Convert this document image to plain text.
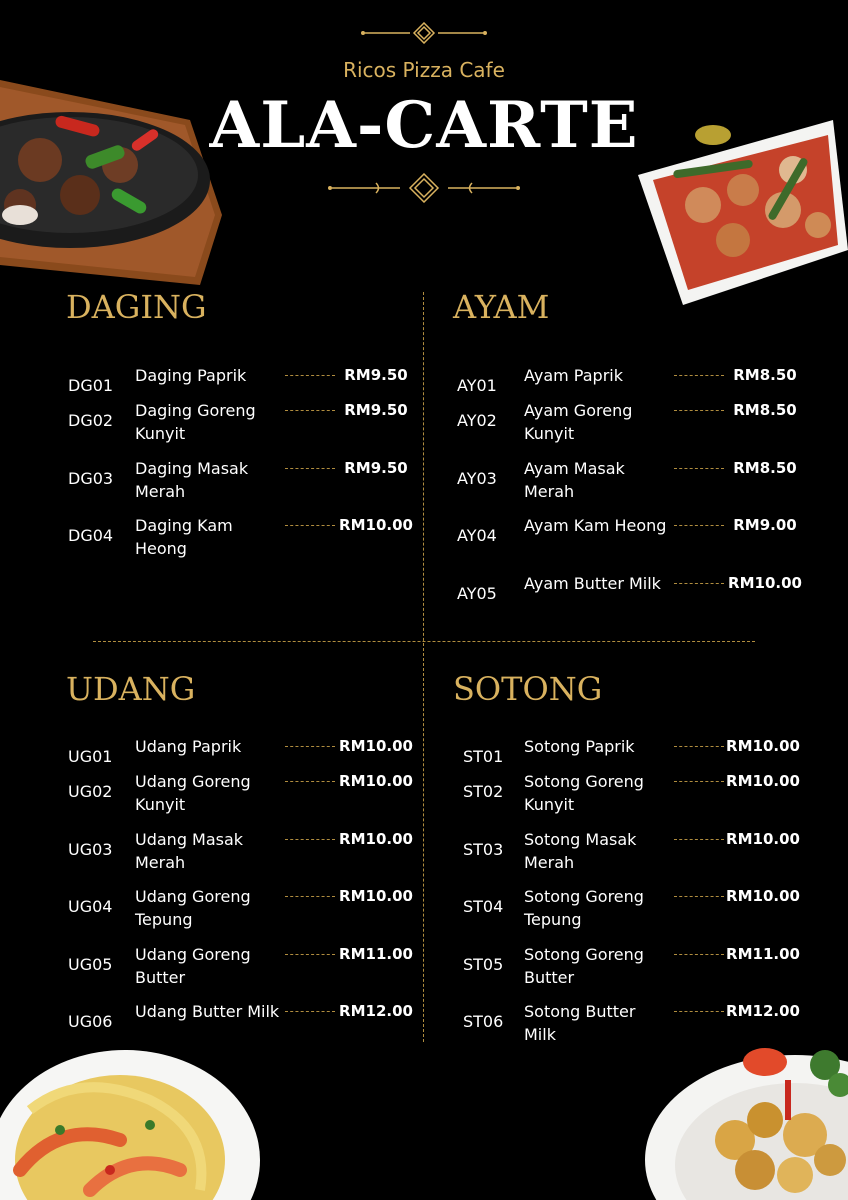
Ricos Pizza Cafe
ALA-CARTE
DAGING	AYAM
UDANG	SOTONG
DG01
Daging Paprik	RM9.50
DG02
Daging Goreng Kunyit
RM9.50
DG03
Daging Masak Merah
RM9.50
DG04
Daging Kam Heong
RM10.00
AY01
Ayam Paprik	RM8.50
AY02
Ayam Goreng Kunyit
RM8.50
AY03
Ayam Masak Merah
RM8.50
AY04
Ayam Kam Heong	RM9.00
AY05
Ayam Butter Milk	RM10.00
UG01
Udang Paprik	RM10.00
UG02
Udang Goreng Kunyit
RM10.00
UG03
Udang Masak Merah
RM10.00
UG04
Udang Goreng Tepung
RM10.00
UG05
Udang Goreng Butter
RM11.00
UG06
Udang Butter Milk	RM12.00
ST01
Sotong Paprik	RM10.00
ST02
Sotong Goreng Kunyit
RM10.00
ST03
Sotong Masak Merah
RM10.00
ST04
Sotong Goreng Tepung
RM10.00
ST05
Sotong Goreng Butter
RM11.00
ST06
Sotong Butter Milk
RM12.00
